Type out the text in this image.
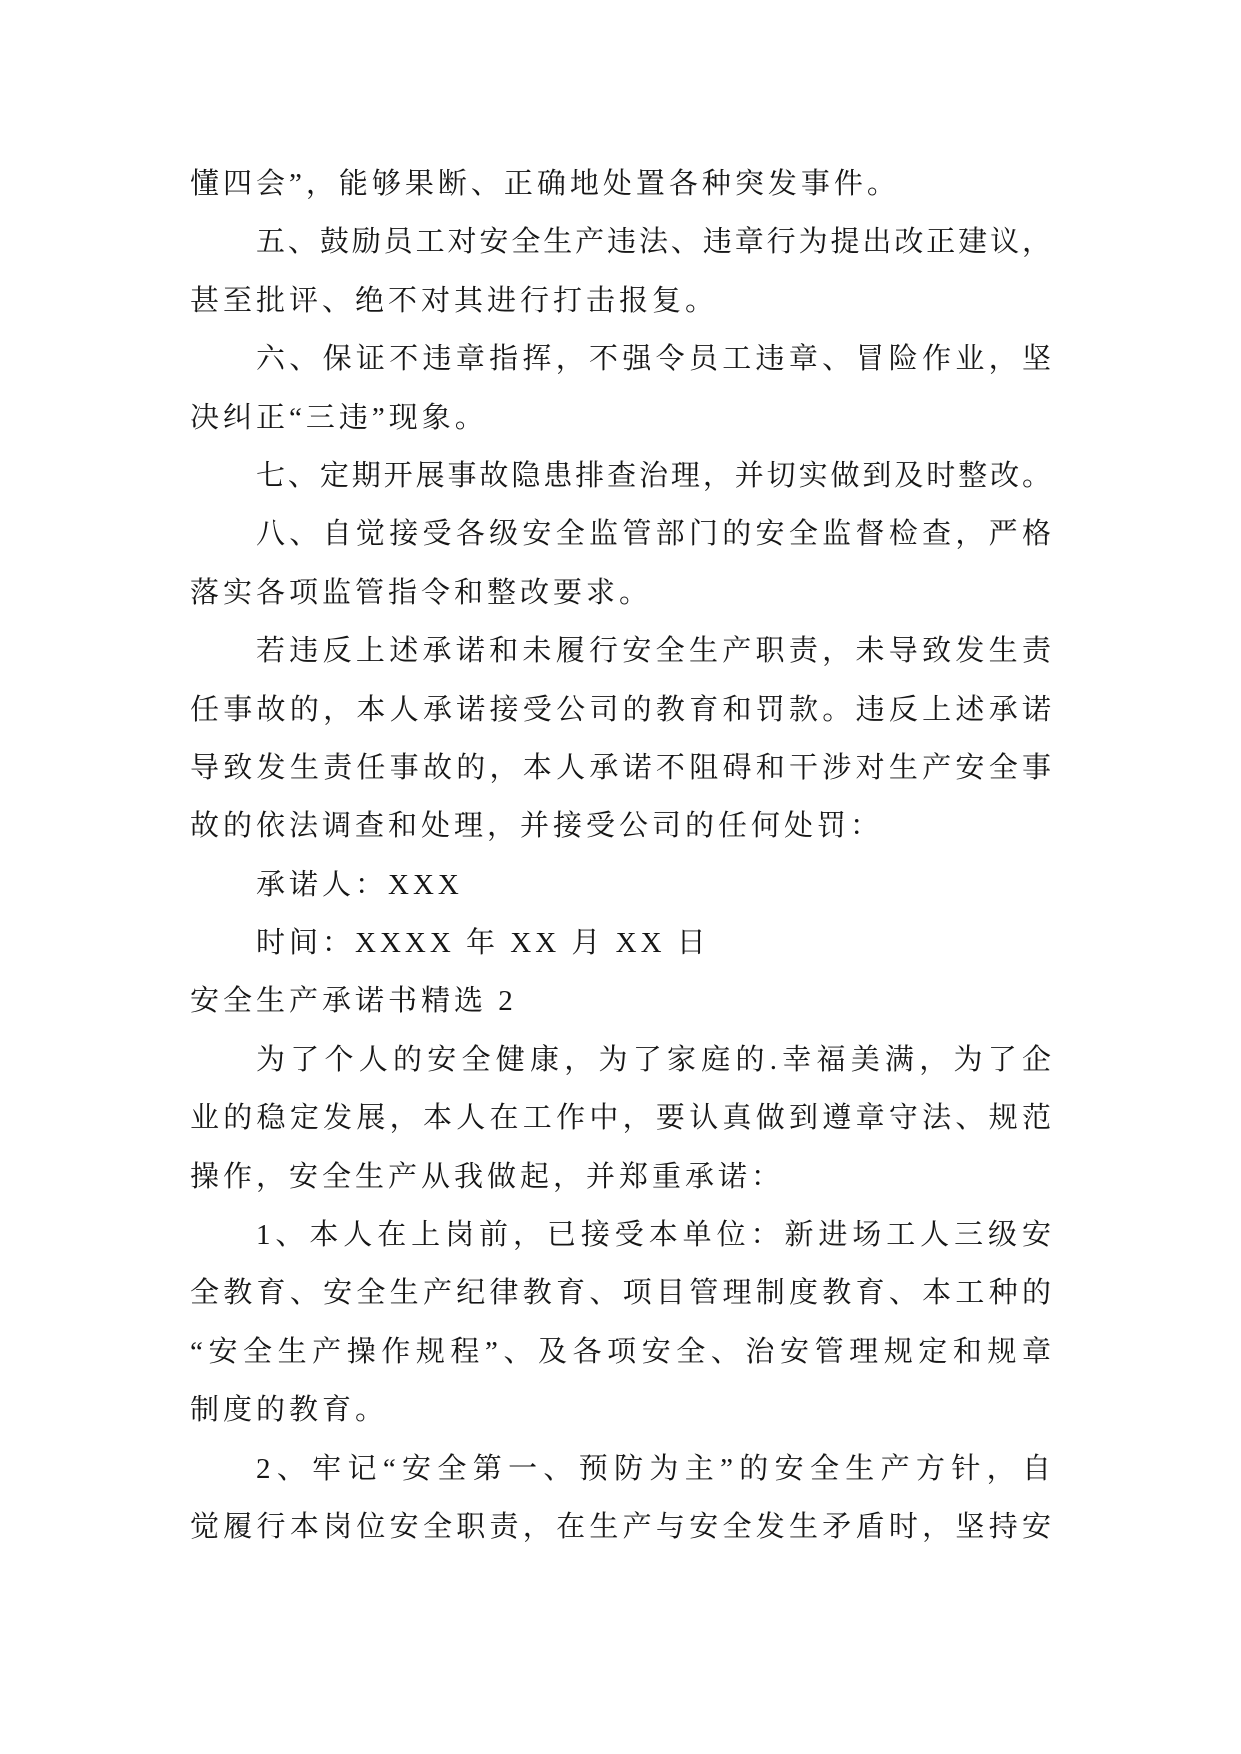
懂四会”，能够果断、正确地处置各种突发事件。
五、鼓励员工对安全生产违法、违章行为提出改正建议，
甚至批评、绝不对其进行打击报复。
六、保证不违章指挥，不强令员工违章、冒险作业，坚
决纠正“三违”现象。
七、定期开展事故隐患排查治理，并切实做到及时整改。
八、自觉接受各级安全监管部门的安全监督检查，严格
落实各项监管指令和整改要求。
若违反上述承诺和未履行安全生产职责，未导致发生责
任事故的，本人承诺接受公司的教育和罚款。违反上述承诺
导致发生责任事故的，本人承诺不阻碍和干涉对生产安全事
故的依法调查和处理，并接受公司的任何处罚：
承诺人：XXX
时间：XXXX 年 XX 月 XX 日
安全生产承诺书精选 2
为了个人的安全健康，为了家庭的.幸福美满，为了企
业的稳定发展，本人在工作中，要认真做到遵章守法、规范
操作，安全生产从我做起，并郑重承诺：
1、本人在上岗前，已接受本单位：新进场工人三级安
全教育、安全生产纪律教育、项目管理制度教育、本工种的
“安全生产操作规程”、及各项安全、治安管理规定和规章
制度的教育。
2、牢记“安全第一、预防为主”的安全生产方针，自
觉履行本岗位安全职责，在生产与安全发生矛盾时，坚持安
